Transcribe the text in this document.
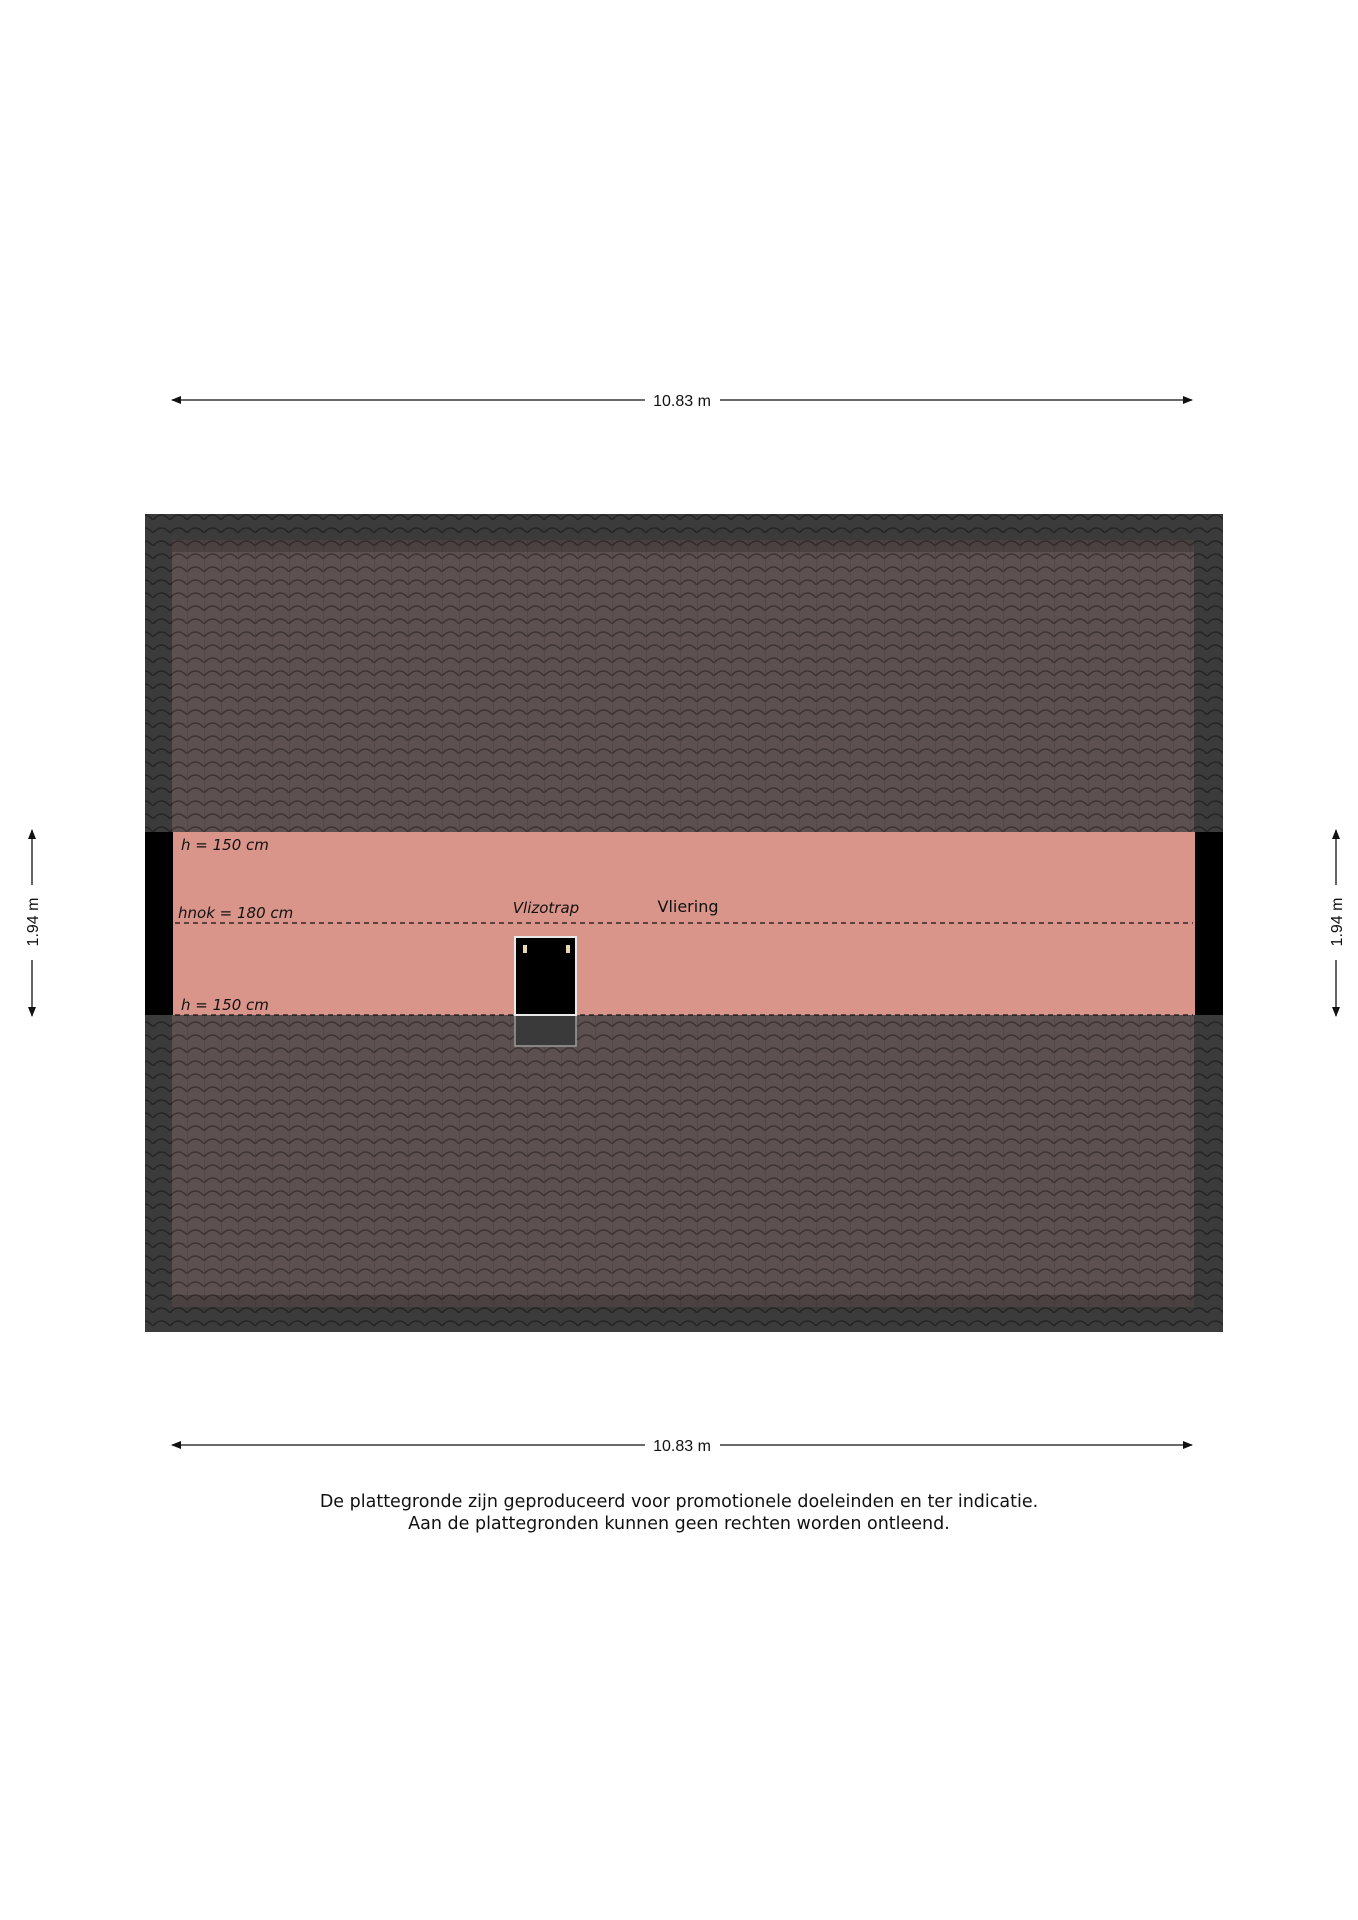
10.83 m
10.83 m
1.94 m	1.94 m
h = 150 cm
hnok = 180 cm
h = 150 cm
Vlizotrap	Vliering
De plattegronde zijn geproduceerd voor promotionele doeleinden en ter indicatie.
Aan de plattegronden kunnen geen rechten worden ontleend.
